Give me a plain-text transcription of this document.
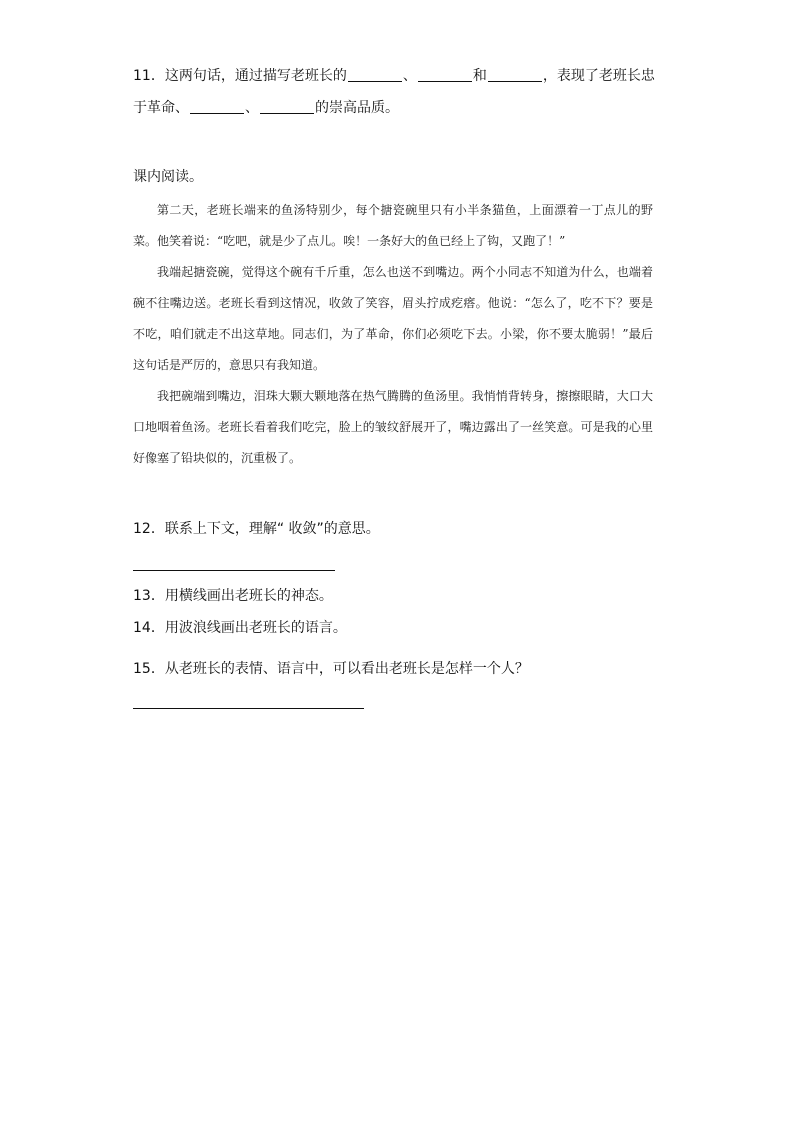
11．这两句话，通过描写老班长的	、	和	，表现了老班长忠
于革命、	、	的崇高品质。
课内阅读。

第二天，老班长端来的鱼汤特别少，每个搪瓷碗里只有小半条猫鱼，上面漂着一丁点儿的野菜。他笑着说：“吃吧，就是少了点儿。唉！一条好大的鱼已经上了钩，又跑了！”

我端起搪瓷碗，觉得这个碗有千斤重，怎么也送不到嘴边。两个小同志不知道为什么，也端着碗不往嘴边送。老班长看到这情况，收敛了笑容，眉头拧成疙瘩。他说：“怎么了，吃不下？要是不吃，咱们就走不出这草地。同志们，为了革命，你们必须吃下去。小梁，你不要太脆弱！”最后这句话是严厉的，意思只有我知道。

我把碗端到嘴边，泪珠大颗大颗地落在热气腾腾的鱼汤里。我悄悄背转身，擦擦眼睛，大口大口地咽着鱼汤。老班长看着我们吃完，脸上的皱纹舒展开了，嘴边露出了一丝笑意。可是我的心里好像塞了铅块似的，沉重极了。

12．联系上下文，理解“ 收敛”的意思。
13．用横线画出老班长的神态。
14．用波浪线画出老班长的语言。
15．从老班长的表情、语言中，可以看出老班长是怎样一个人？
